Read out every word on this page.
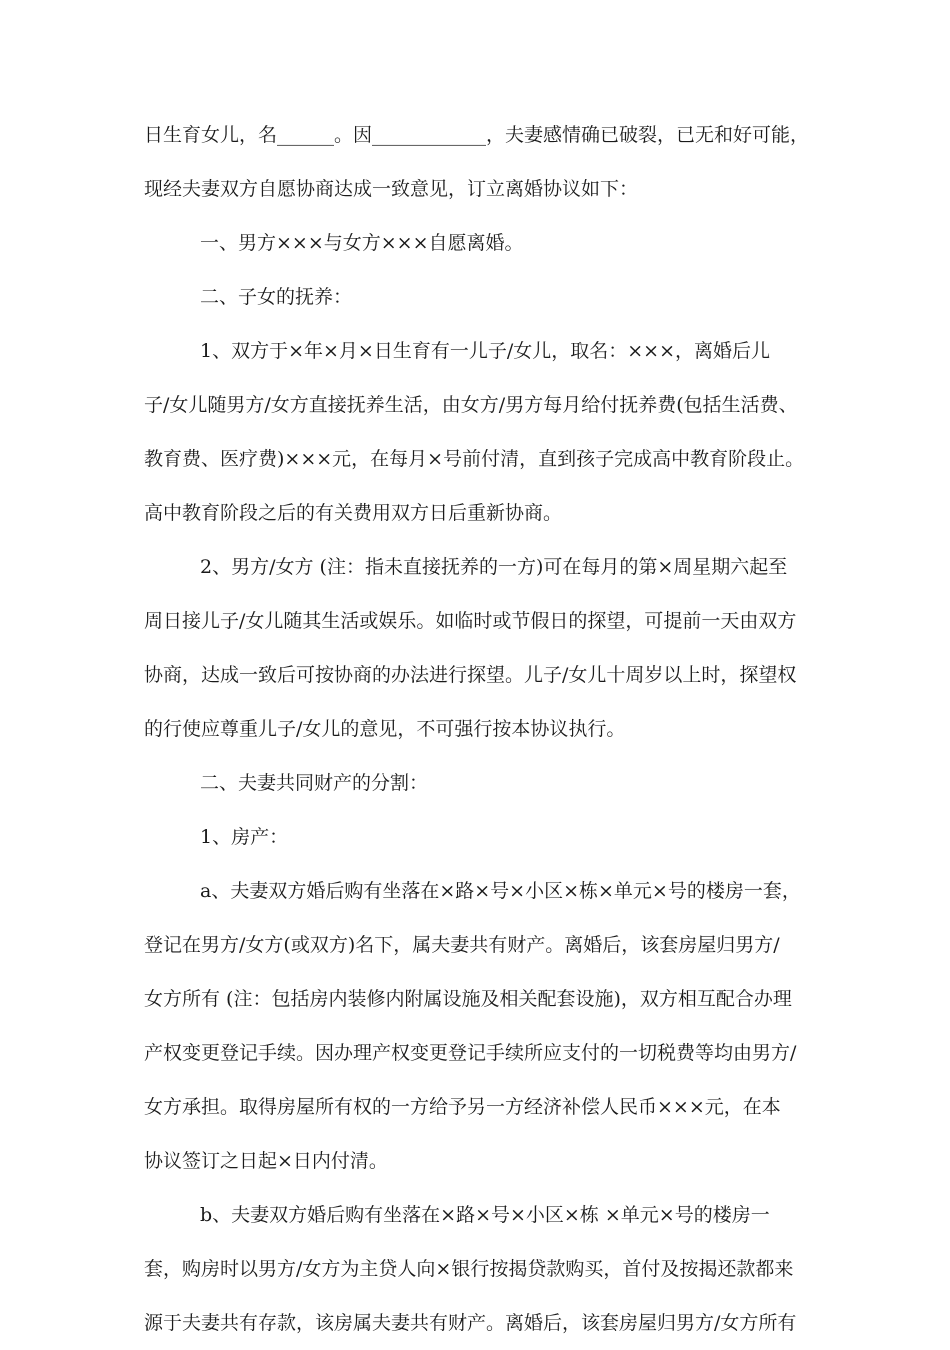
日生育女儿，名______。因____________，夫妻感情确已破裂，已无和好可能，
现经夫妻双方自愿协商达成一致意见，订立离婚协议如下：
一、男方×××与女方×××自愿离婚。
二、子女的抚养：
1、双方于×年×月×日生育有一儿子/女儿，取名：×××，离婚后儿
子/女儿随男方/女方直接抚养生活，由女方/男方每月给付抚养费(包括生活费、
教育费、医疗费)×××元，在每月×号前付清，直到孩子完成高中教育阶段止。
高中教育阶段之后的有关费用双方日后重新协商。
2、男方/女方 (注：指未直接抚养的一方)可在每月的第×周星期六起至
周日接儿子/女儿随其生活或娱乐。如临时或节假日的探望，可提前一天由双方
协商，达成一致后可按协商的办法进行探望。儿子/女儿十周岁以上时，探望权
的行使应尊重儿子/女儿的意见，不可强行按本协议执行。
二、夫妻共同财产的分割：
1、房产：
a、夫妻双方婚后购有坐落在×路×号×小区×栋×单元×号的楼房一套，
登记在男方/女方(或双方)名下，属夫妻共有财产。离婚后，该套房屋归男方/
女方所有 (注：包括房内装修内附属设施及相关配套设施)，双方相互配合办理
产权变更登记手续。因办理产权变更登记手续所应支付的一切税费等均由男方/
女方承担。取得房屋所有权的一方给予另一方经济补偿人民币×××元，在本
协议签订之日起×日内付清。
b、夫妻双方婚后购有坐落在×路×号×小区×栋 ×单元×号的楼房一
套，购房时以男方/女方为主贷人向×银行按揭贷款购买，首付及按揭还款都来
源于夫妻共有存款，该房属夫妻共有财产。离婚后，该套房屋归男方/女方所有
